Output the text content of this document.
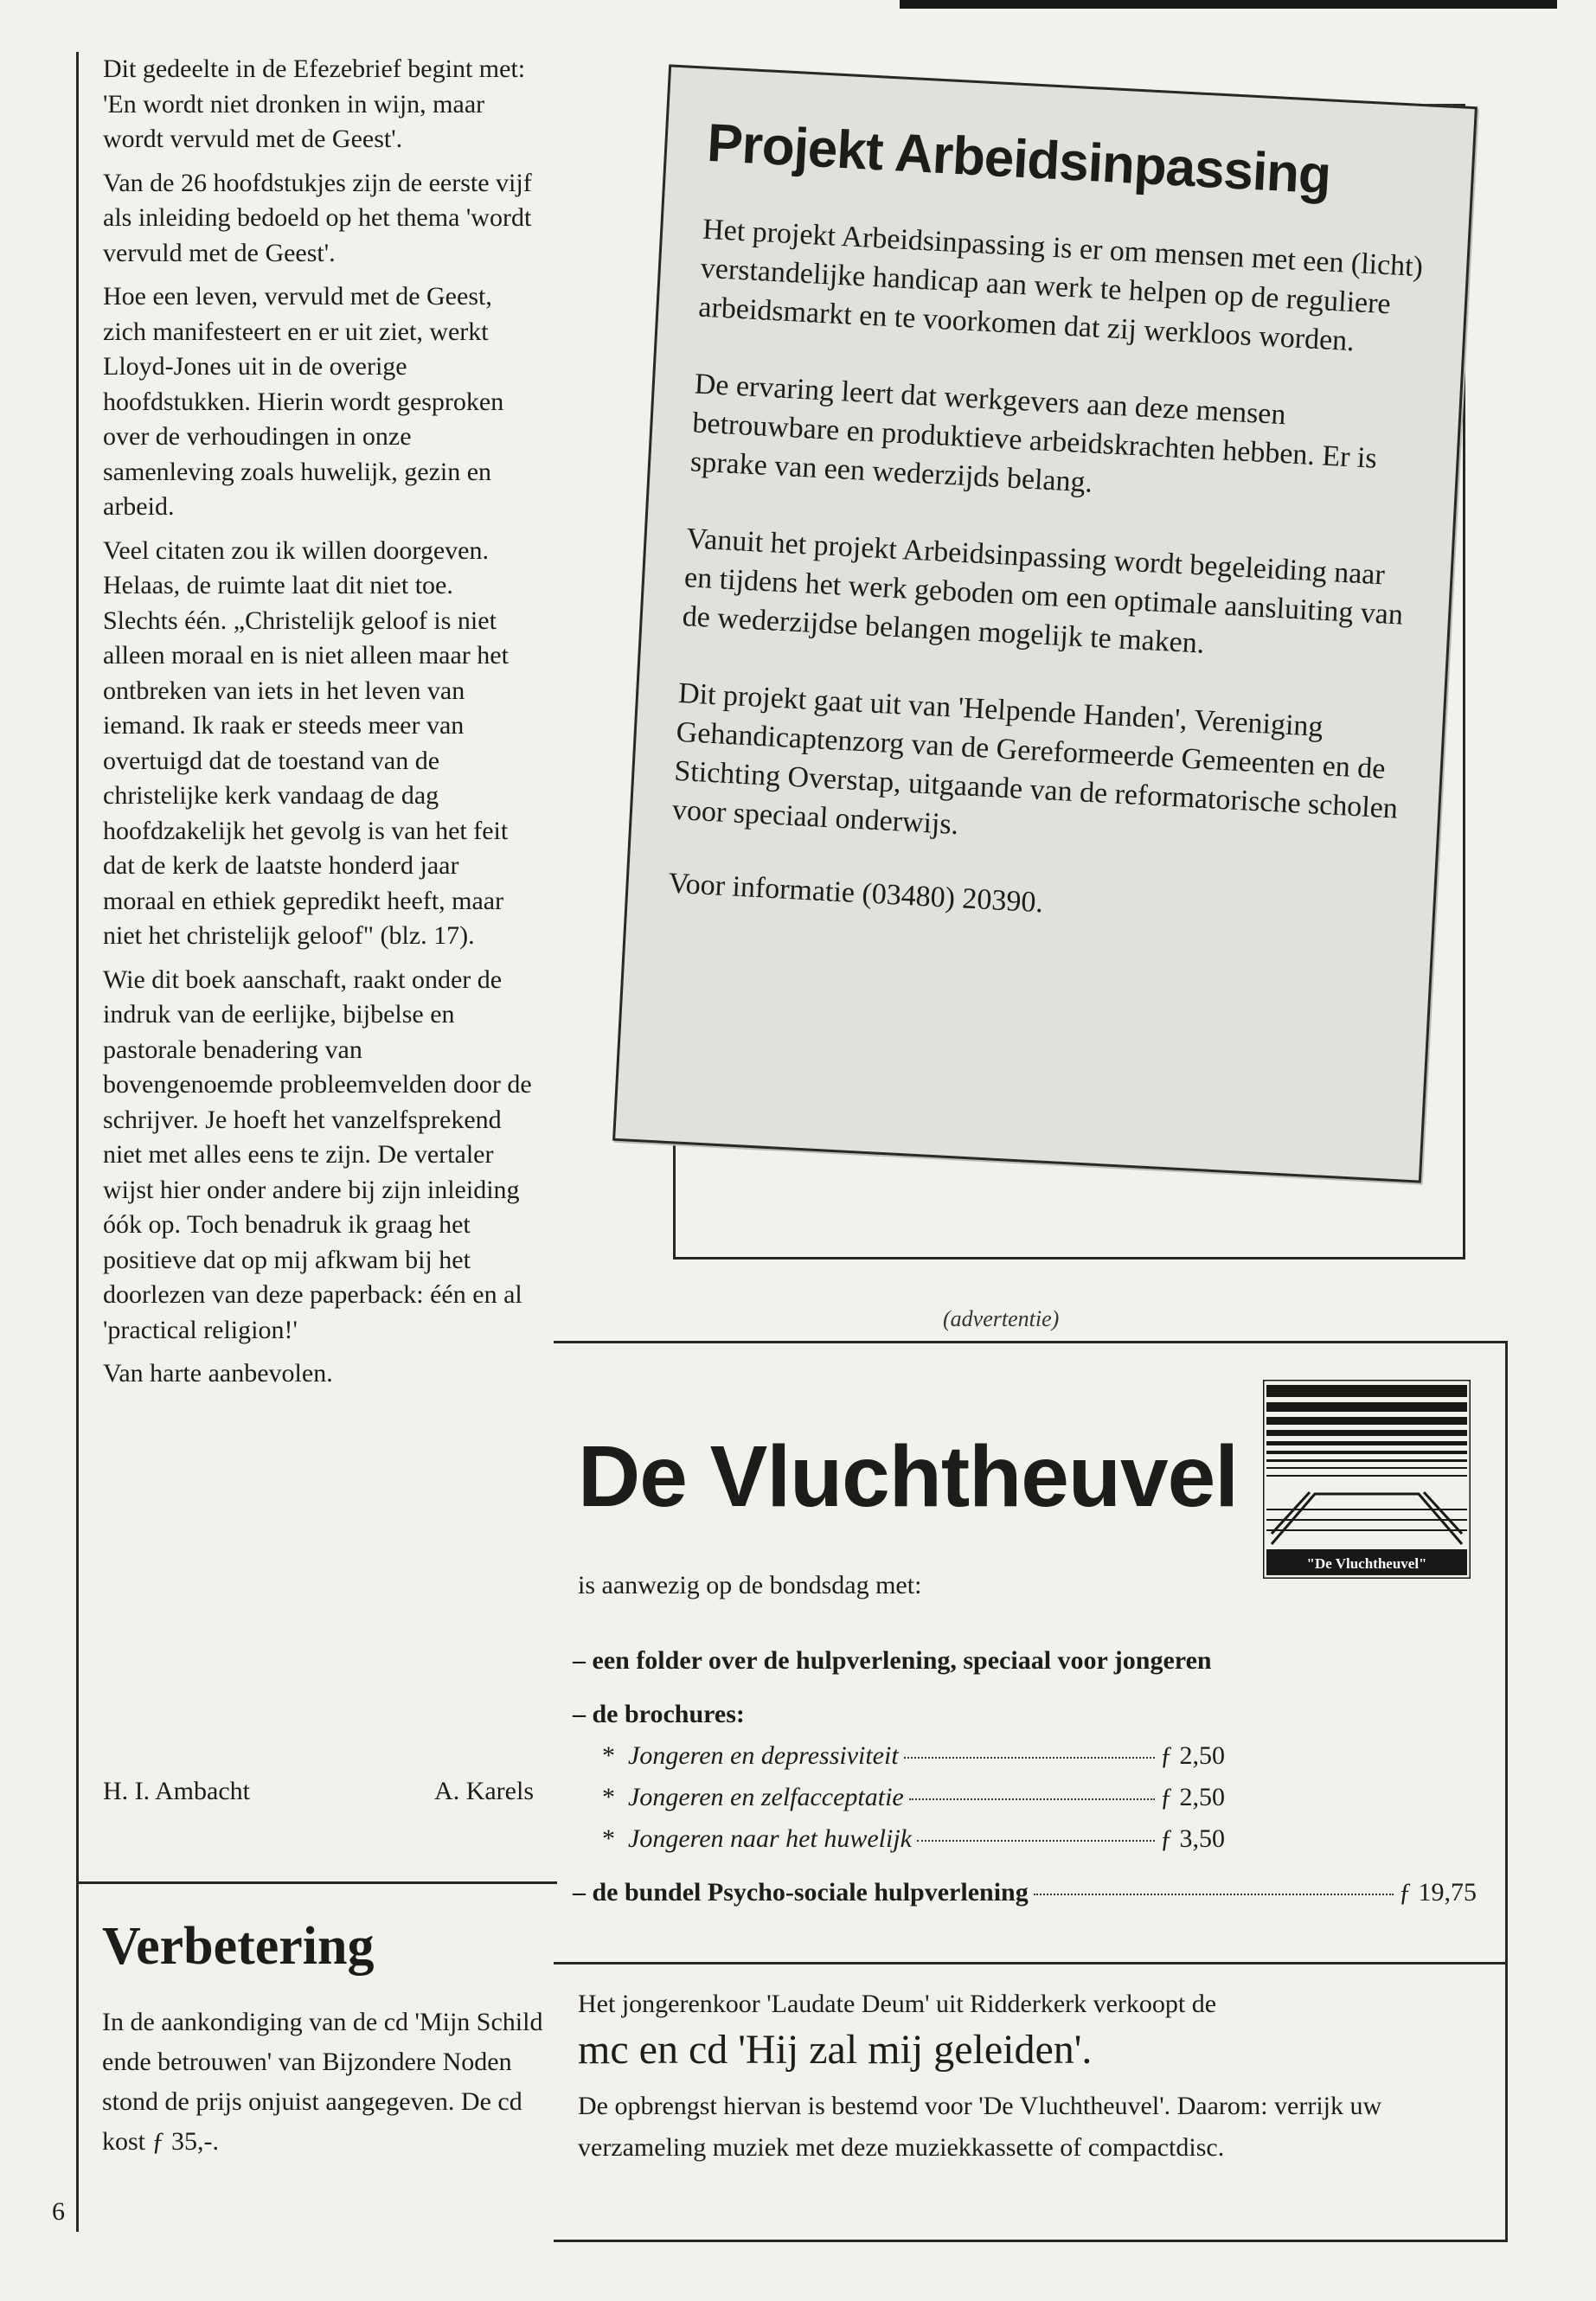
Dit gedeelte in de Efezebrief begint met: 'En wordt niet dronken in wijn, maar wordt vervuld met de Geest'.

Van de 26 hoofdstukjes zijn de eerste vijf als inleiding bedoeld op het thema 'wordt vervuld met de Geest'.

Hoe een leven, vervuld met de Geest, zich manifesteert en er uit ziet, werkt Lloyd-Jones uit in de overige hoofdstukken. Hierin wordt gesproken over de verhoudingen in onze samenleving zoals huwelijk, gezin en arbeid.

Veel citaten zou ik willen doorgeven. Helaas, de ruimte laat dit niet toe.

Slechts één. „Christelijk geloof is niet alleen moraal en is niet alleen maar het ontbreken van iets in het leven van iemand. Ik raak er steeds meer van overtuigd dat de toestand van de christelijke kerk vandaag de dag hoofdzakelijk het gevolg is van het feit dat de kerk de laatste honderd jaar moraal en ethiek gepredikt heeft, maar niet het christelijk geloof" (blz. 17).

Wie dit boek aanschaft, raakt onder de indruk van de eerlijke, bijbelse en pastorale benadering van bovengenoemde probleemvelden door de schrijver. Je hoeft het vanzelfsprekend niet met alles eens te zijn. De vertaler wijst hier onder andere bij zijn inleiding óók op. Toch benadruk ik graag het positieve dat op mij afkwam bij het doorlezen van deze paperback: één en al 'practical religion!'

Van harte aanbevolen.

H. I. Ambacht	A. Karels
Verbetering

In de aankondiging van de cd 'Mijn Schild ende betrouwen' van Bijzondere Noden stond de prijs onjuist aangegeven. De cd kost ƒ 35,-.

6
Projekt Arbeidsinpassing

Het projekt Arbeidsinpassing is er om mensen met een (licht) verstandelijke handicap aan werk te helpen op de reguliere arbeidsmarkt en te voorkomen dat zij werkloos worden.

De ervaring leert dat werkgevers aan deze mensen betrouwbare en produktieve arbeidskrachten hebben. Er is sprake van een wederzijds belang.

Vanuit het projekt Arbeidsinpassing wordt begeleiding naar en tijdens het werk geboden om een optimale aansluiting van de wederzijdse belangen mogelijk te maken.

Dit projekt gaat uit van 'Helpende Handen', Vereniging Gehandicaptenzorg van de Gereformeerde Gemeenten en de Stichting Overstap, uitgaande van de reformatorische scholen voor speciaal onderwijs.

Voor informatie (03480) 20390.

(advertentie)
De Vluchtheuvel
"De Vluchtheuvel"
is aanwezig op de bondsdag met:
– een folder over de hulpverlening, speciaal voor jongeren
– de brochures:
* Jongeren en depressiviteit	ƒ 2,50
* Jongeren en zelfacceptatie	ƒ 2,50
* Jongeren naar het huwelijk	ƒ 3,50
– de bundel Psycho-sociale hulpverlening	ƒ 19,75

Het jongerenkoor 'Laudate Deum' uit Ridderkerk verkoopt de

mc en cd 'Hij zal mij geleiden'.

De opbrengst hiervan is bestemd voor 'De Vluchtheuvel'. Daarom: verrijk uw verzameling muziek met deze muziekkassette of compactdisc.
